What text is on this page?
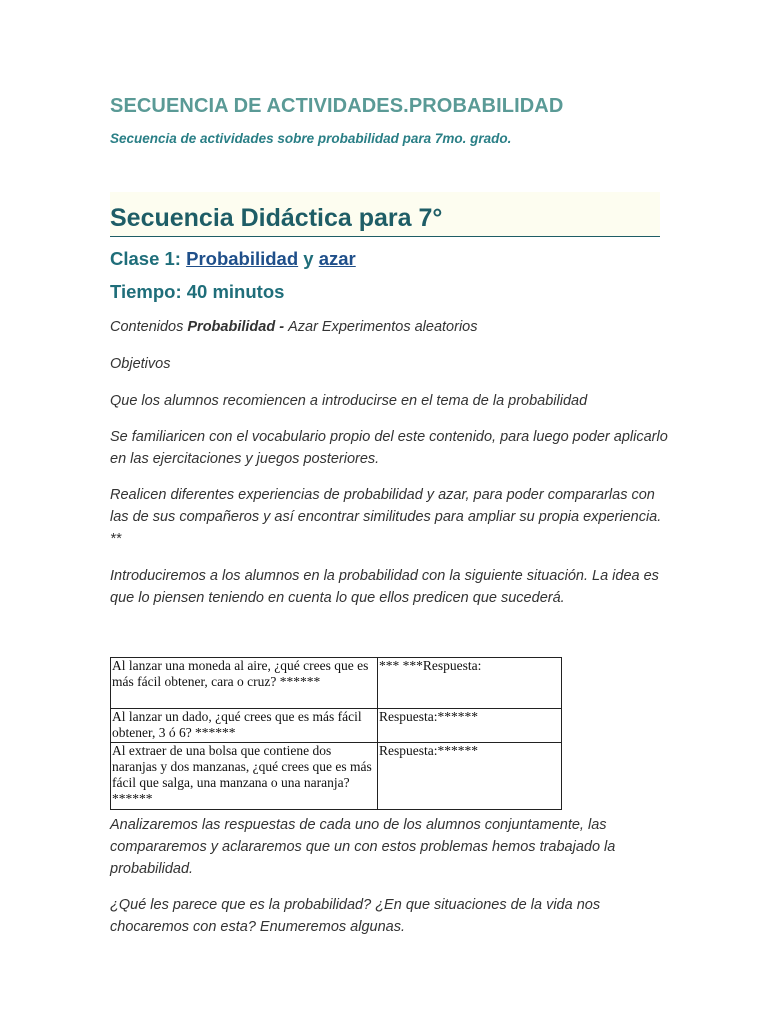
SECUENCIA DE ACTIVIDADES.PROBABILIDAD
Secuencia de actividades sobre probabilidad para 7mo. grado.
Secuencia Didáctica para 7°
Clase 1: Probabilidad y azar
Tiempo: 40 minutos
Contenidos Probabilidad - Azar Experimentos aleatorios
Objetivos
Que los alumnos recomiencen a introducirse en el tema de la probabilidad
Se familiaricen con el vocabulario propio del este contenido, para luego poder aplicarlo en las ejercitaciones y juegos posteriores.
Realicen diferentes experiencias de probabilidad y azar, para poder compararlas con las de sus compañeros y así encontrar similitudes para ampliar su propia experiencia. **
Introduciremos a los alumnos en la probabilidad con la siguiente situación. La idea es que lo piensen teniendo en cuenta lo que ellos predicen que sucederá.
Al lanzar una moneda al aire, ¿qué crees que es más fácil obtener, cara o cruz? ******	*** ***Respuesta:
Al lanzar un dado, ¿qué crees que es más fácil obtener, 3 ó 6? ******	Respuesta:******
Al extraer de una bolsa que contiene dos naranjas y dos manzanas, ¿qué crees que es más fácil que salga, una manzana o una naranja?******	Respuesta:******
Analizaremos las respuestas de cada uno de los alumnos conjuntamente, las compararemos y aclararemos que un con estos problemas hemos trabajado la probabilidad.
¿Qué les parece que es la probabilidad? ¿En que situaciones de la vida nos chocaremos con esta? Enumeremos algunas.
